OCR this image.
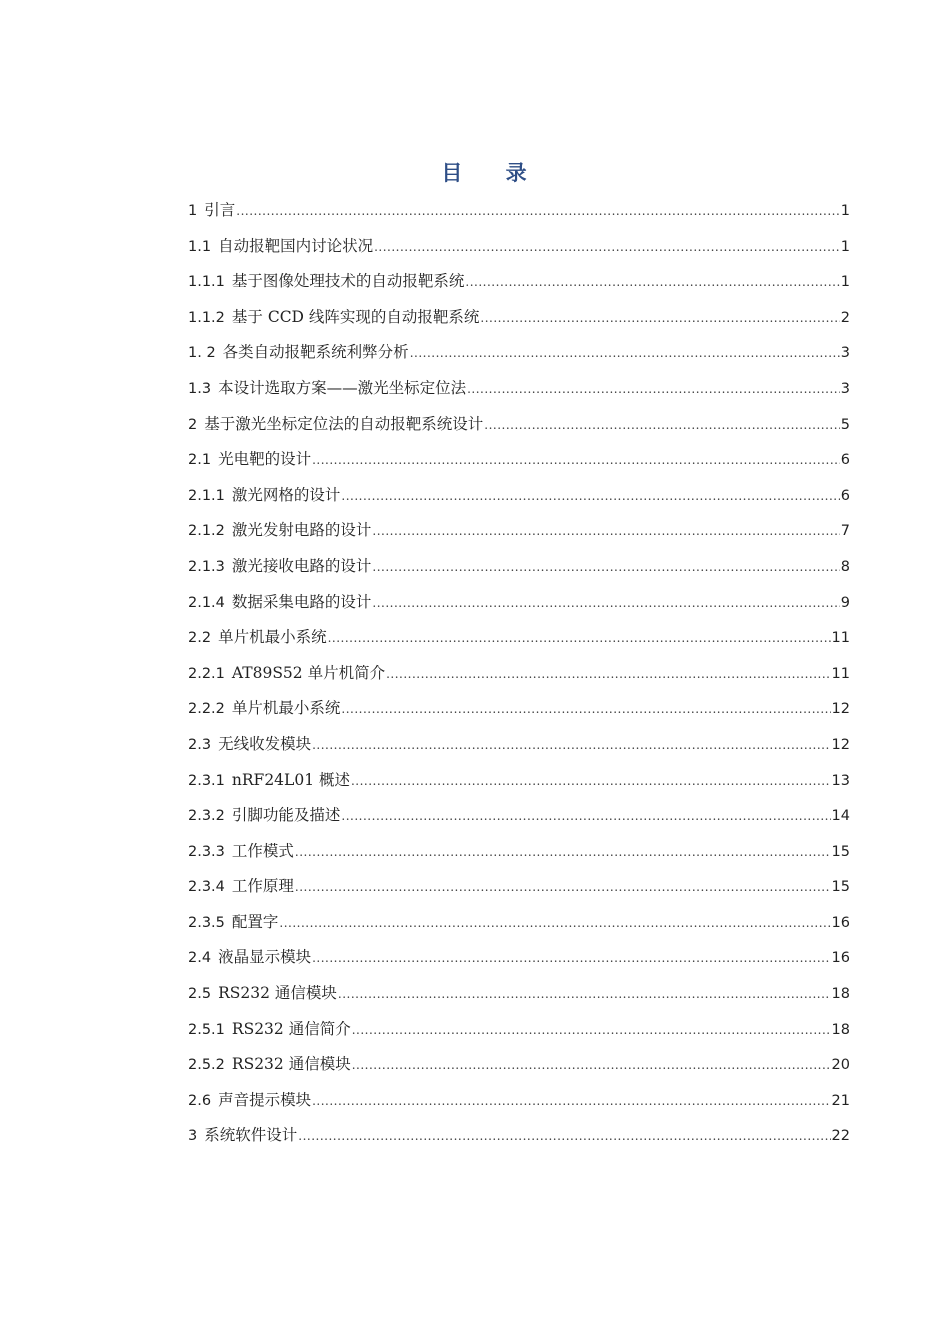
目 录
1 引言 .....	1
1.1 自动报靶国内讨论状况 .....	1
1.1.1 基于图像处理技术的自动报靶系统 .....	1
1.1.2 基于 CCD 线阵实现的自动报靶系统 .....	2
1. 2 各类自动报靶系统利弊分析 .....	3
1.3 本设计选取方案——激光坐标定位法 .....	3
2 基于激光坐标定位法的自动报靶系统设计 .....	5
2.1 光电靶的设计 .....	6
2.1.1 激光网格的设计 .....	6
2.1.2 激光发射电路的设计 .....	7
2.1.3 激光接收电路的设计 .....	8
2.1.4 数据采集电路的设计 .....	9
2.2 单片机最小系统 .....	11
2.2.1 AT89S52 单片机简介 .....	11
2.2.2 单片机最小系统 .....	12
2.3 无线收发模块 .....	12
2.3.1 nRF24L01 概述 .....	13
2.3.2 引脚功能及描述 .....	14
2.3.3 工作模式 .....	15
2.3.4 工作原理 .....	15
2.3.5 配置字 .....	16
2.4 液晶显示模块 .....	16
2.5 RS232 通信模块 .....	18
2.5.1 RS232 通信简介 .....	18
2.5.2 RS232 通信模块 .....	20
2.6 声音提示模块 .....	21
3 系统软件设计 .....	22
